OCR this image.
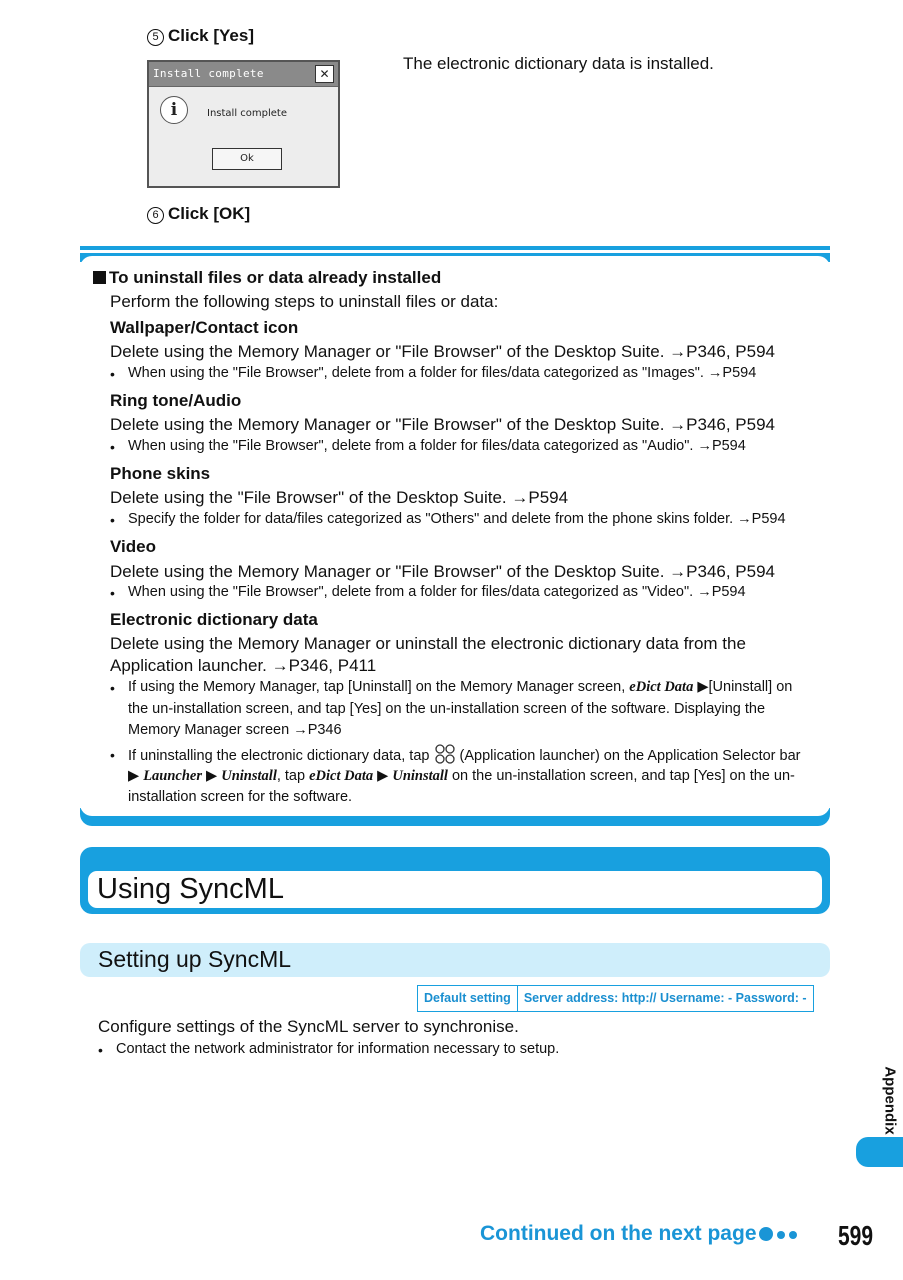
5 Click [Yes]
The electronic dictionary data is installed.
Install complete	✕
i	Install complete
Ok
6 Click [OK]
To uninstall files or data already installed
Perform the following steps to uninstall files or data:
Wallpaper/Contact icon
Delete using the Memory Manager or "File Browser" of the Desktop Suite. →P346, P594
• When using the "File Browser", delete from a folder for files/data categorized as "Images". →P594
Ring tone/Audio
Delete using the Memory Manager or "File Browser" of the Desktop Suite. →P346, P594
• When using the "File Browser", delete from a folder for files/data categorized as "Audio". →P594
Phone skins
Delete using the "File Browser" of the Desktop Suite. →P594
• Specify the folder for data/files categorized as "Others" and delete from the phone skins folder. →P594
Video
Delete using the Memory Manager or "File Browser" of the Desktop Suite. →P346, P594
• When using the "File Browser", delete from a folder for files/data categorized as "Video". →P594
Electronic dictionary data
Delete using the Memory Manager or uninstall the electronic dictionary data from the
Application launcher. →P346, P411
• If using the Memory Manager, tap [Uninstall] on the Memory Manager screen, eDict Data ▶[Uninstall] on
the un-installation screen, and tap [Yes] on the un-installation screen of the software. Displaying the
Memory Manager screen →P346
• If uninstalling the electronic dictionary data, tap (Application launcher) on the Application Selector bar
▶ Launcher ▶ Uninstall, tap eDict Data ▶ Uninstall on the un-installation screen, and tap [Yes] on the un-
installation screen for the software.
Using SyncML
Setting up SyncML
Default setting	Server address: http:// Username: - Password: -
Configure settings of the SyncML server to synchronise.
• Contact the network administrator for information necessary to setup.
Appendix
Continued on the next page	599
